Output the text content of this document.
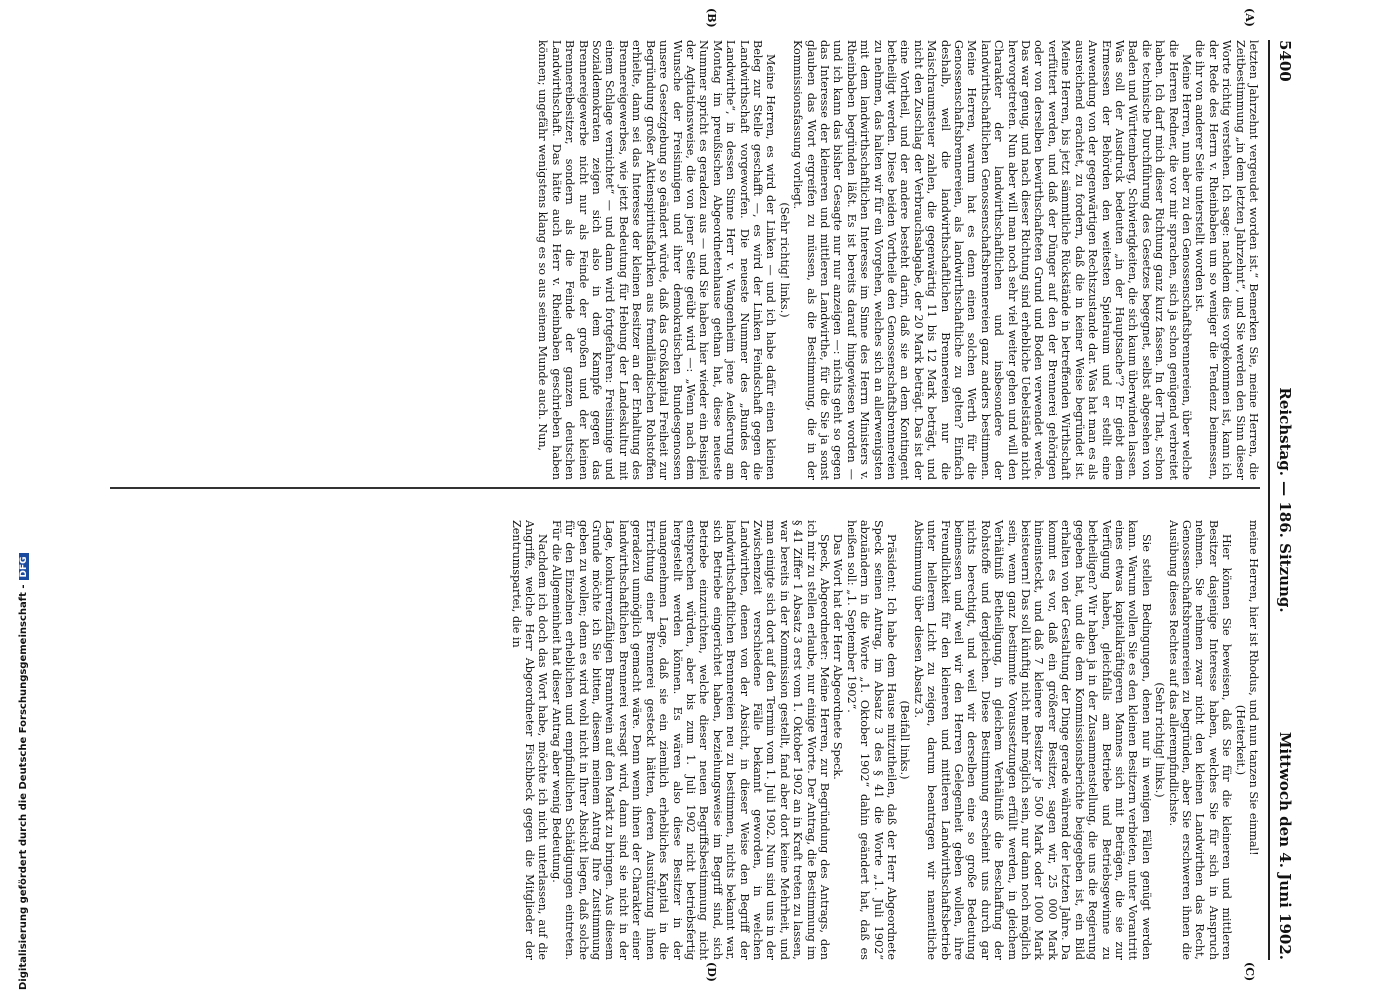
5400
Reichstag. — 186. Sitzung.
Mittwoch den 4. Juni 1902.
(A)
(B)
(C)
(D)

letzten Jahrzehnt vergeudet worden ist.“ Bemerken Sie, meine Herren, die Zeitbestimmung „in dem letzten Jahrzehnt“, und Sie werden den Sinn dieser Worte richtig verstehen. Ich sage: nachdem dies vorgekommen ist, kann ich der Rede des Herrn v. Rheinbaben um so weniger die Tendenz beimessen, die ihr von anderer Seite unterstellt worden ist.

Meine Herren, nun aber zu den Genossenschaftsbrennereien, über welche die Herren Redner, die vor mir sprachen, sich ja schon genügend verbreitet haben. Ich darf mich dieser Richtung ganz kurz fassen. In der That, schon die technische Durchführung des Gesetzes begegnet, selbst abgesehen von Baden und Württemberg, Schwierigkeiten, die sich kaum überwinden lassen. Was soll der Ausdruck bedeuten „in der Hauptsache“? Er giebt dem Ermessen der Behörden den weitesten Spielraum und er stellt eine Anwendung von der gegenwärtigen Rechtszustande dar. Was hat man es als ausreichend erachtet, zu fordern, daß die in keiner Weise begründet ist. Meine Herren, bis jetzt sämmtliche Rückstände in betreffenden Wirthschaft verfüttert werden, und daß der Dünger auf den der Brennerei gehörigen oder von derselben bewirthschafteten Grund und Boden verwendet werde. Das war genug, und nach dieser Richtung sind erhebliche Uebelstände nicht hervorgetreten. Nun aber will man noch sehr viel weiter gehen und will den Charakter der landwirthschaftlichen und insbesondere der landwirthschaftlichen Genossenschaftsbrennereien ganz anders bestimmen. Meine Herren, warum hat es denn einen solchen Werth für die Genossenschaftsbrennereien, als landwirthschaftliche zu gelten? Einfach deshalb, weil die landwirthschaftlichen Brennereien nur die Maischraumsteuer zahlen, die gegenwärtig 11 bis 12 Mark beträgt, und nicht den Zuschlag der Verbrauchsabgabe, der 20 Mark beträgt. Das ist der eine Vortheil, und der andere besteht darin, daß sie an dem Kontingent betheiligt werden. Diese beiden Vortheile den Genossenschaftsbrennereien zu nehmen, das halten wir für ein Vorgehen, welches sich an allerwenigsten mit dem landwirthschaftlichen Interesse im Sinne des Herrn Ministers v. Rheinbaben begründen läßt. Es ist bereits darauf hingewiesen worden — und ich kann das bisher Gesagte nur nur anzeigen —: nichts geht so gegen das Interesse der kleineren und mittleren Landwirthe, für die Sie ja sonst glauben das Wort ergreifen zu müssen, als die Bestimmung, die in der Kommissionsfassung vorliegt.

(Sehr richtig! links.)

Meine Herren, es wird der Linken — und ich habe dafür einen kleinen Beleg zur Stelle geschafft —, es wird der Linken Feindschaft gegen die Landwirthschaft vorgeworfen. Die neueste Nummer des „Bundes der Landwirthe“, in dessen Sinne Herr v. Wangenheim jene Aeußerung am Montag im preußischen Abgeordnetenhause gethan hat, diese neueste Nummer spricht es geradezu aus — und Sie haben hier wieder ein Beispiel der Agitationsweise, die von jener Seite geübt wird —: „Wenn nach dem Wunsche der Freisinnigen und ihrer demokratischen Bundesgenossen unsere Gesetzgebung so geändert würde, daß das Großkapital Freiheit zur Begründung großer Aktienspiritusfabriken aus fremdländischen Rohstoffen erhielte, dann sei das Interesse der kleinen Besitzer an der Erhaltung des Brennereigewerbes, wie jetzt Bedeutung für Hebung der Landeskultur mit einem Schlage vernichtet“ — und dann wird fortgefahren: Freisinnige und Sozialdemokraten zeigen sich also in dem Kampfe gegen das Brennereigewerbe nicht nur als Feinde der großen und der kleinen Brennereibesitzer, sondern als die Feinde der ganzen deutschen Landwirthschaft. Das hätte auch Herr v. Rheinbaben geschrieben haben können; ungefähr wenigstens klang es so aus seinem Munde auch. Nun,

meine Herren, hier ist Rhodus, und nun tanzen Sie einmal!

(Heiterkeit.)

Hier können Sie beweisen, daß Sie für die kleineren und mittleren Besitzer dasjenige Interesse haben, welches Sie für sich in Anspruch nehmen. Sie nehmen zwar nicht den kleinen Landwirthen das Recht, Genossenschaftsbrennereien zu begründen, aber Sie erschweren ihnen die Ausübung dieses Rechtes auf das allerempfindlichste.

(Sehr richtig! links.)

Sie stellen Bedingungen, denen nur in wenigen Fällen genügt werden kann. Warum wollen Sie es den kleinen Besitzern verbieten, unter Vorantritt eines etwas kapitalkräftigeren Mannes sich mit Beträgen, die sie zur Verfügung haben, gleichfalls am Betriebe und Betriebsgewinne zu betheiligen? Wir haben ja in der Zusammenstellung, die uns die Regierung gegeben hat, und die dem Kommissionsberichte beigegeben ist, ein Bild erhalten von der Gestaltung der Dinge gerade während der letzten Jahre. Da kommt es vor, daß ein größerer Besitzer, sagen wir, 25 000 Mark hineinsteckt, und daß 7 kleinere Besitzer je 500 Mark oder 1000 Mark beisteuern! Das soll künftig nicht mehr möglich sein, nur dann noch möglich sein, wenn ganz bestimmte Voraussetzungen erfüllt werden, in gleichem Verhältniß Betheiligung, in gleichem Verhältniß die Beschaffung der Rohstoffe und dergleichen. Diese Bestimmung erscheint uns durch gar nichts berechtigt, und weil wir derselben eine so große Bedeutung beimessen und weil wir den Herren Gelegenheit geben wollen, ihre Freundlichkeit für den kleineren und mittleren Landwirthschaftsbetrieb unter hellerem Licht zu zeigen, darum beantragen wir namentliche Abstimmung über diesen Absatz 3.

(Beifall links.)

Präsident: Ich habe dem Hause mitzutheilen, daß der Herr Abgeordnete Speck seinen Antrag, im Absatz 3 des § 41 die Worte „1. Juli 1902“ abzuändern in die Worte „1. Oktober 1902“ dahin geändert hat, daß es heißen soll: „1. September 1902“.

Das Wort hat der Herr Abgeordnete Speck.

Speck, Abgeordneter: Meine Herren, zur Begründung des Antrags, den ich mir zu stellen erlaube, nur einige Worte. Der Antrag, die Bestimmung im § 41 Ziffer 1 Absatz 3 erst vom 1. Oktober 1902 an in Kraft treten zu lassen, war bereits in der Kommission gestellt, fand aber dort keine Mehrheit, und man einigte sich dort auf den Termin vom 1. Juli 1902. Nun sind uns in der Zwischenzeit verschiedene Fälle bekannt geworden, in welchen Landwirthen, denen von der Absicht, in dieser Weise den Begriff der landwirthschaftlichen Brennereien neu zu bestimmen, nichts bekannt war, sich Betriebe eingerichtet haben, beziehungsweise im Begriff sind, sich Betriebe einzurichten, welche dieser neuen Begriffsbestimmung nicht entsprechen würden, aber bis zum 1. Juli 1902 nicht betriebsfertig hergestellt werden können. Es wären also diese Besitzer in der unangenehmen Lage, daß sie ein ziemlich erhebliches Kapital in die Errichtung einer Brennerei gesteckt hätten, deren Ausnützung ihnen geradezu unmöglich gemacht wäre. Denn wenn ihnen der Charakter einer landwirthschaftlichen Brennerei versagt wird, dann sind sie nicht in der Lage, konkurrenzfähigen Branntwein auf den Markt zu bringen. Aus diesem Grunde möchte ich Sie bitten, diesem meinem Antrag Ihre Zustimmung geben zu wollen; denn es wird wohl nicht in Ihrer Absicht liegen, daß solche für den Einzelnen erheblichen und empfindlichen Schädigungen eintreten. Für die Allgemeinheit hat dieser Antrag aber wenig Bedeutung.

Nachdem ich doch das Wort habe, möchte ich nicht unterlassen, auf die Angriffe, welche Herr Abgeordneter Fischbeck gegen die Mitglieder der Zentrumspartei, die in

Digitalisierung gefördert durch die Deutsche Forschungsgemeinschaft -DFG
